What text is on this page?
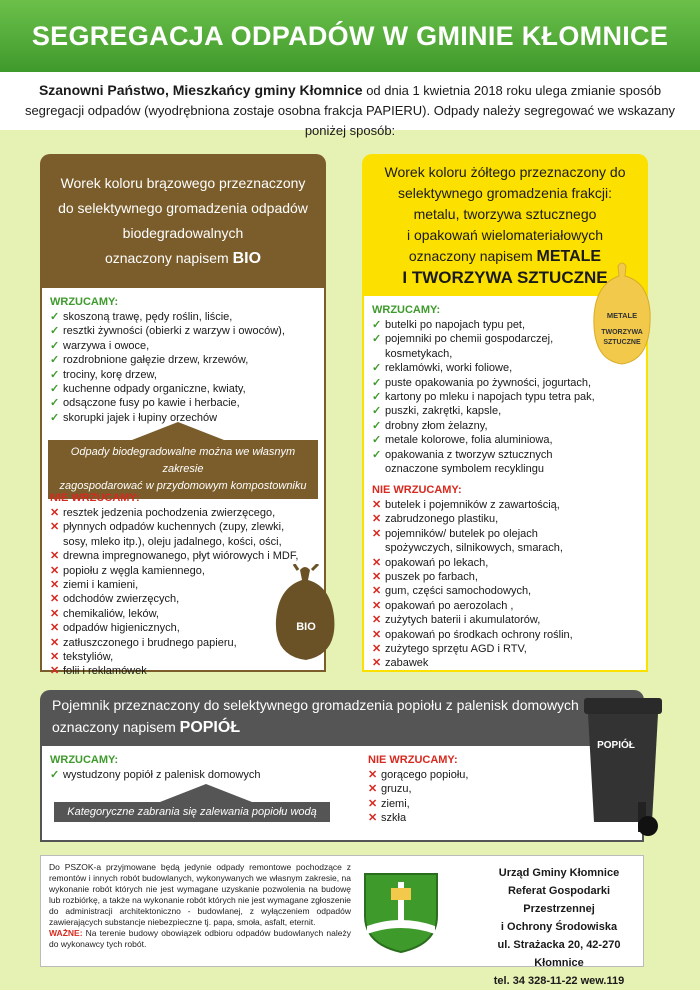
SEGREGACJA ODPADÓW W GMINIE KŁOMNICE
Szanowni Państwo, Mieszkańcy gminy Kłomnice od dnia 1 kwietnia 2018 roku ulega zmianie sposób
segregacji odpadów (wyodrębniona zostaje osobna frakcja PAPIERU). Odpady należy segregować we wskazany poniżej sposób:
Worek koloru brązowego przeznaczony
do selektywnego gromadzenia odpadów
biodegradowalnych
oznaczony napisem BIO
WRZUCAMY:
✓ skoszoną trawę, pędy roślin, liście,
✓ resztki żywności (obierki z warzyw i owoców),
✓ warzywa i owoce,
✓ rozdrobnione gałęzie drzew, krzewów,
✓ trociny, korę drzew,
✓ kuchenne odpady organiczne, kwiaty,
✓ odsączone fusy po kawie i herbacie,
✓ skorupki jajek i łupiny orzechów
Odpady biodegradowalne można we własnym zakresie
zagospodarować w przydomowym kompostowniku
NIE WRZUCAMY:
✕ resztek jedzenia pochodzenia zwierzęcego,
✕ płynnych odpadów kuchennych (zupy, zlewki,
sosy, mleko itp.), oleju jadalnego, kości, ości,
✕ drewna impregnowanego, płyt wiórowych i MDF,
✕ popiołu z węgla kamiennego,
✕ ziemi i kamieni,
✕ odchodów zwierzęcych,
✕ chemikaliów, leków,
✕ odpadów higienicznych,
✕ zatłuszczonego i brudnego papieru,
✕ tekstyliów,
✕ folii i reklamówek
BIO
Worek koloru żółtego przeznaczony do
selektywnego gromadzenia frakcji:
metalu, tworzywa sztucznego
i opakowań wielomateriałowych
oznaczony napisem METALE
I TWORZYWA SZTUCZNE
METALE
TWORZYWA
SZTUCZNE
WRZUCAMY:
✓ butelki po napojach typu pet,
✓ pojemniki po chemii gospodarczej,
kosmetykach,
✓ reklamówki, worki foliowe,
✓ puste opakowania po żywności, jogurtach,
✓ kartony po mleku i napojach typu tetra pak,
✓ puszki, zakrętki, kapsle,
✓ drobny złom żelazny,
✓ metale kolorowe, folia aluminiowa,
✓ opakowania z tworzyw sztucznych
oznaczone symbolem recyklingu
NIE WRZUCAMY:
✕ butelek i pojemników z zawartością,
✕ zabrudzonego plastiku,
✕ pojemników/ butelek po olejach
spożywczych, silnikowych, smarach,
✕ opakowań po lekach,
✕ puszek po farbach,
✕ gum, części samochodowych,
✕ opakowań po aerozolach ,
✕ zużytych baterii i akumulatorów,
✕ opakowań po środkach ochrony roślin,
✕ zużytego sprzętu AGD i RTV,
✕ zabawek
Pojemnik przeznaczony do selektywnego gromadzenia popiołu z palenisk domowych
oznaczony napisem POPIÓŁ
WRZUCAMY:
✓ wystudzony popiół z palenisk domowych
Kategoryczne zabrania się zalewania popiołu wodą
NIE WRZUCAMY:
✕ gorącego popiołu,
✕ gruzu,
✕ ziemi,
✕ szkła
POPIÓŁ
Do PSZOK-a przyjmowane będą jedynie odpady remontowe pochodzące z remontów i innych robót budowlanych, wykonywanych we własnym zakresie, na wykonanie robót których nie jest wymagane uzyskanie pozwolenia na budowę lub rozbiórkę, a także na wykonanie robót których nie jest wymagane zgłoszenie do administracji architektoniczno - budowlanej, z wyłączeniem odpadów zawierających substancje niebezpieczne tj. papa, smoła, asfalt, eternit.
WAŻNE: Na terenie budowy obowiązek odbioru odpadów budowlanych należy do wykonawcy tych robót.
Urząd Gminy Kłomnice
Referat Gospodarki Przestrzennej
i Ochrony Środowiska
ul. Strażacka 20, 42-270 Kłomnice
tel. 34 328-11-22 wew.119
